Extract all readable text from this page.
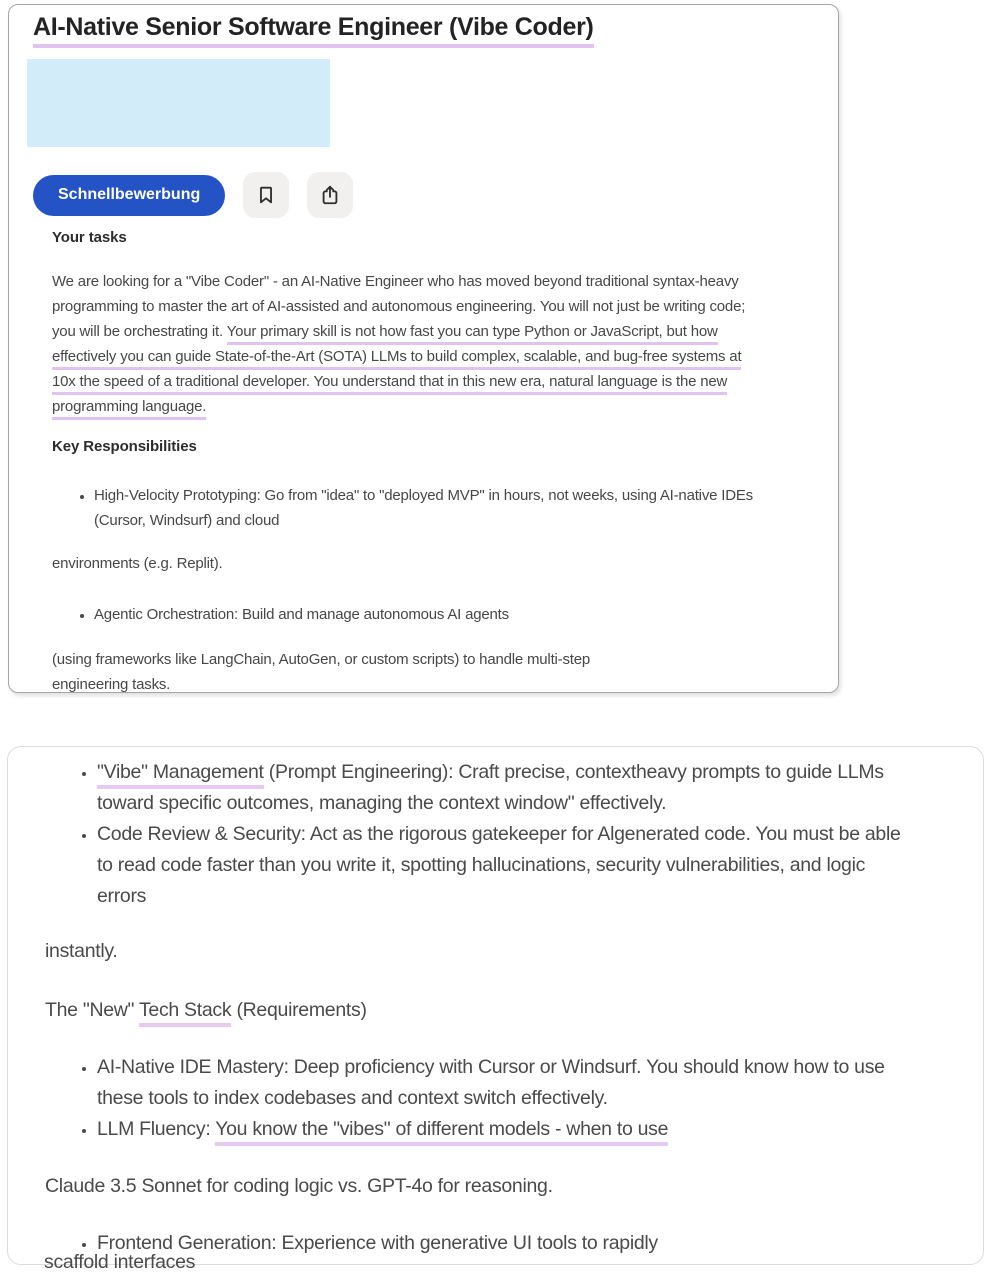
AI-Native Senior Software Engineer (Vibe Coder)
Schnellbewerbung
Your tasks

We are looking for a "Vibe Coder" - an AI-Native Engineer who has moved beyond traditional syntax-heavy programming to master the art of AI-assisted and autonomous engineering. You will not just be writing code; you will be orchestrating it. Your primary skill is not how fast you can type Python or JavaScript, but how effectively you can guide State-of-the-Art (SOTA) LLMs to build complex, scalable, and bug-free systems at 10x the speed of a traditional developer. You understand that in this new era, natural language is the new programming language.

Key Responsibilities
• High-Velocity Prototyping: Go from "idea" to "deployed MVP" in hours, not weeks, using AI-native IDEs (Cursor, Windsurf) and cloud

environments (e.g. Replit).

• Agentic Orchestration: Build and manage autonomous AI agents

(using frameworks like LangChain, AutoGen, or custom scripts) to handle multi-step engineering tasks.

• "Vibe" Management (Prompt Engineering): Craft precise, contextheavy prompts to guide LLMs toward specific outcomes, managing the context window" effectively.
• Code Review & Security: Act as the rigorous gatekeeper for Algenerated code. You must be able to read code faster than you write it, spotting hallucinations, security vulnerabilities, and logic errors

instantly.

The "New" Tech Stack (Requirements)

• AI-Native IDE Mastery: Deep proficiency with Cursor or Windsurf. You should know how to use these tools to index codebases and context switch effectively.
• LLM Fluency: You know the "vibes" of different models - when to use

Claude 3.5 Sonnet for coding logic vs. GPT-4o for reasoning.

• Frontend Generation: Experience with generative UI tools to rapidly

scaffold interfaces
